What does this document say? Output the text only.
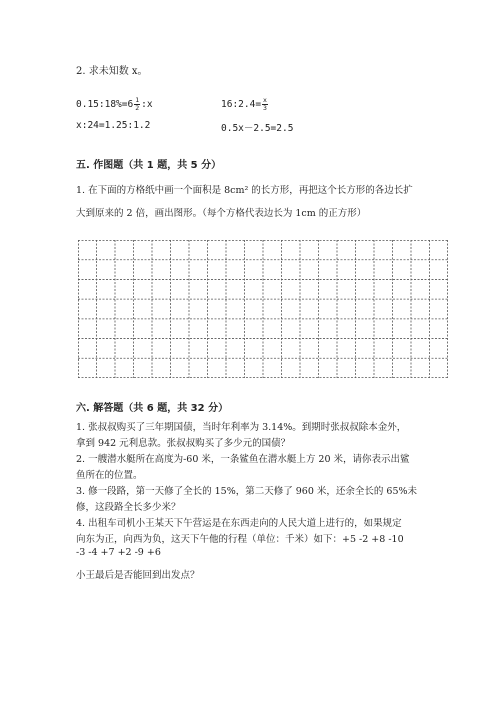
2. 求未知数 x。
0.15:18%=6 $\frac{1}{2}$ :x	16:2.4= $\frac{x}{3}$
x:24=1.25:1.2	0.5x－2.5=2.5
五. 作图题（共 1 题，共 5 分）
1. 在下面的方格纸中画一个面积是 8cm² 的长方形，再把这个长方形的各边长扩
大到原来的 2 倍，画出图形。（每个方格代表边长为 1cm 的正方形）
六. 解答题（共 6 题，共 32 分）
1. 张叔叔购买了三年期国债，当时年利率为 3.14%。到期时张叔叔除本金外，
拿到 942 元利息款。张叔叔购买了多少元的国债？
2. 一艘潜水艇所在高度为-60 米，一条鲨鱼在潜水艇上方 20 米，请你表示出鲨
鱼所在的位置。
3. 修一段路，第一天修了全长的 15%，第二天修了 960 米，还余全长的 65%未
修，这段路全长多少米？
4. 出租车司机小王某天下午营运是在东西走向的人民大道上进行的，如果规定
向东为正，向西为负，这天下午他的行程（单位：千米）如下：+5 -2 +8 -10
-3 -4 +7 +2 -9 +6
小王最后是否能回到出发点？
